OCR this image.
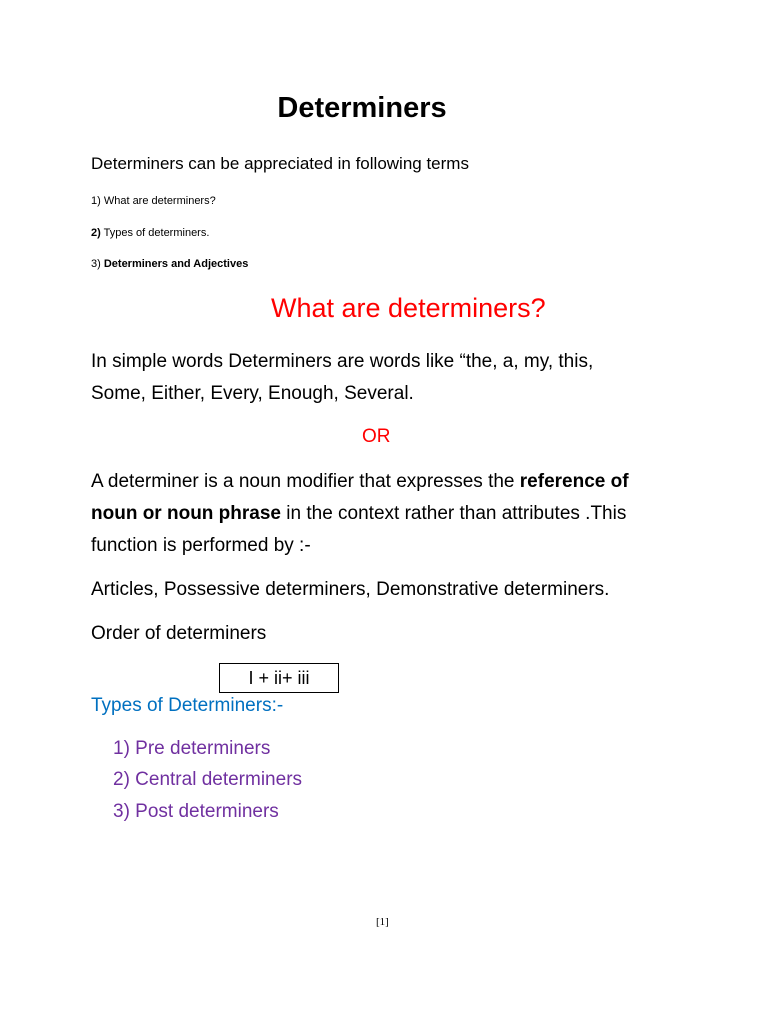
Determiners
Determiners can be appreciated in following terms
1) What are determiners?
2) Types of determiners.
3) Determiners and Adjectives
What are determiners?
In simple words Determiners are words like “the, a, my, this,
Some, Either, Every, Enough, Several.
OR
A determiner is a noun modifier that expresses the reference of
noun or noun phrase in the context rather than attributes .This
function is performed by :-
Articles, Possessive determiners, Demonstrative determiners.
Order of determiners
I + ii+ iii
Types of Determiners:-
1) Pre determiners
2) Central determiners
3) Post determiners
[1]
